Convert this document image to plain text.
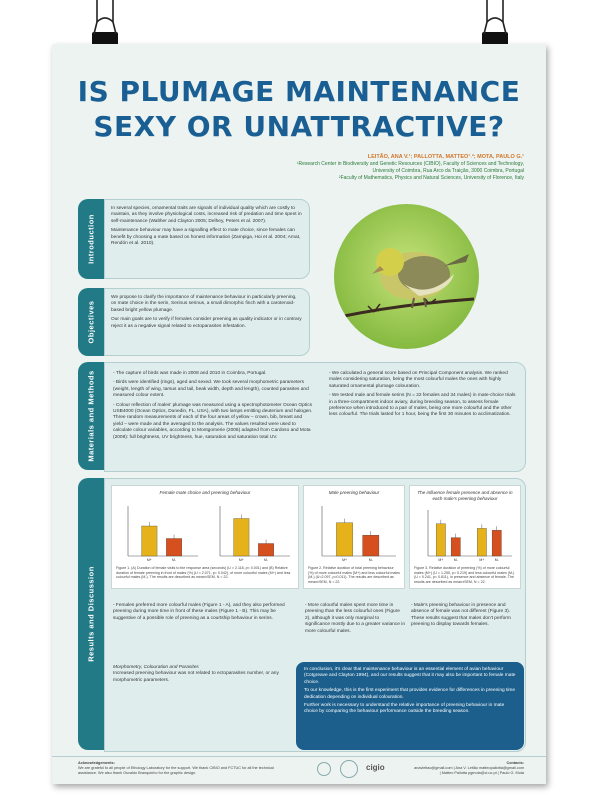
IS PLUMAGE MAINTENANCE
SEXY OR UNATTRACTIVE?
LEITÃO, ANA V.¹; PALLOTTA, MATTEO¹˒²; MOTA, PAULO G.¹
¹Research Center in Biodiversity and Genetic Resources (CIBIO), Faculty of Sciences and Technology,
University of Coimbra, Rua Arco da Traição, 3000 Coimbra, Portugal
²Faculty of Mathematics, Physics and Natural Sciences, University of Florence, Italy
Introduction

In several species, ornamental traits are signals of individual quality which are costly to maintain, as they involve physiological costs, increased risk of predation and time spent in self-maintenance (Walther and Clayton 2005; Delhey, Peters et al. 2007).

Maintenance behaviour may have a signalling effect to mate choice, since females can benefit by choosing a mate based on honest information (Zampiga, Hoi et al. 2004; Amat, Rendón et al. 2010).

Objectives

We propose to clarify the importance of maintenance behaviour in particularly preening, on mate choice in the serin, Serinus serinus, a small dimorphic finch with a carotenoid-based bright yellow plumage.

Our main goals are to verify if females consider preening as quality indicator or in contrary reject it as a negative signal related to ectoparasites infestation.

Materials and Methods	- The capture of birds was made in 2008 and 2010 in Coimbra, Portugal.

- Birds were identified (rings), aged and sexed. We took several morphometric parameters (weight, length of wing, tarsus and tail, beak width, depth and length), counted parasites and measured colour extent.

- Colour reflection of males' plumage was measured using a spectrophotometer Ocean Optics USB4000 (Ocean Optics, Dunedin, FL, USA), with two lamps emitting deuterium and halogen. Three random measurements of each of the four areas of yellow – crown, bib, breast and yield – were made and the averaged to the analysis. The values resulted were used to calculate colour variables, according to Montgomerie (2006) adapted from Cardoso and Mota (2008): full brightness, UV brightness, hue, saturation and saturation total UV.

- We calculated a general score based on Principal Component analysis. We ranked males considering saturation, being the most colourful males the ones with highly saturated ornamental plumage colouration.

- We tested male and female serins (N = 22 females and 34 males) in mate-choice trials in a three-compartment indoor aviary, during breeding season, to assess female preference when introduced to a pair of males, being one more colourful and the other less colourful. The trials lasted for 1 hour, being the first 30 minutes to acclimatization.

Results and Discussion
Female mate choice and preening behaviour
M+	M-	M+	M-
Figure 1. (A) Duration of female visits to the response area (seconds) (U = 2.118, p< 0.001) and (B) Relative duration of female preening in front of males (%) (U = 2.071, p= 0.042), of more colourful males (M+) and less colourful males (M-). The results are described as mean±SEM, N = 22.
Male preening behaviour
M+	M-
Figure 2. Relative duration of total preening behaviour (%) of more colourful males (M+) and less colourful males (M-) (U=2.097, p=0.011). The results are described as mean±SEM, N = 22.
The influence female presence and absence in each male's preening behaviour
M+	M-	M+	M-
Figure 3. Relative duration of preening (%) of more colourful males (M+) (U = 1.255, p= 0.219) and less colourful males (M-) (U = 0.241, p= 0.811), in presence and absence of female. The results are described as mean±SEM, N = 22.
- Females preferred more colourful males (Figure 1 - A), and they also performed preening during more time in front of these males (Figure 1 - B). This may be suggestive of a possible role of preening as a courtship behaviour in serins.
- More colourful males spent more time in preening than the less colourful ones (Figure 2), although it was only marginal to significance mostly due to a greater variance in more colourful males.
- Male's preening behaviour in presence and absence of female was not different (Figure 3). These results suggest that males don't perform preening to display towards females.
Morphometry, Colouration and Parasites
Increased preening behaviour was not related to ectoparasites number, or any morphometric parameters.

In conclusion, it's clear that maintenance behaviour is an essential element of avian behaviour (Cotgreave and Clayton 1994), and our results suggest that it may also be important to female mate choice.

To our knowledge, this is the first experiment that provides evidence for differences in preening time dedication depending on individual colouration.

Further work is necessary to understand the relative importance of preening behaviour in mate choice by comparing the behaviour performance outside the breeding season.

Acknowledgements:
We are grateful to all people of Ethology Laboratory for the support. We thank CIBIO and FCTUC for all the technical assistance. We also thank Osvaldo Branquinho for the graphic design.
Contacts:
anavleitao@gmail.com | Ana V. Leitão matteopallotta@gmail.com | Matteo Pallotta pgmota@ci.uc.pt | Paulo G. Mota
cigio
